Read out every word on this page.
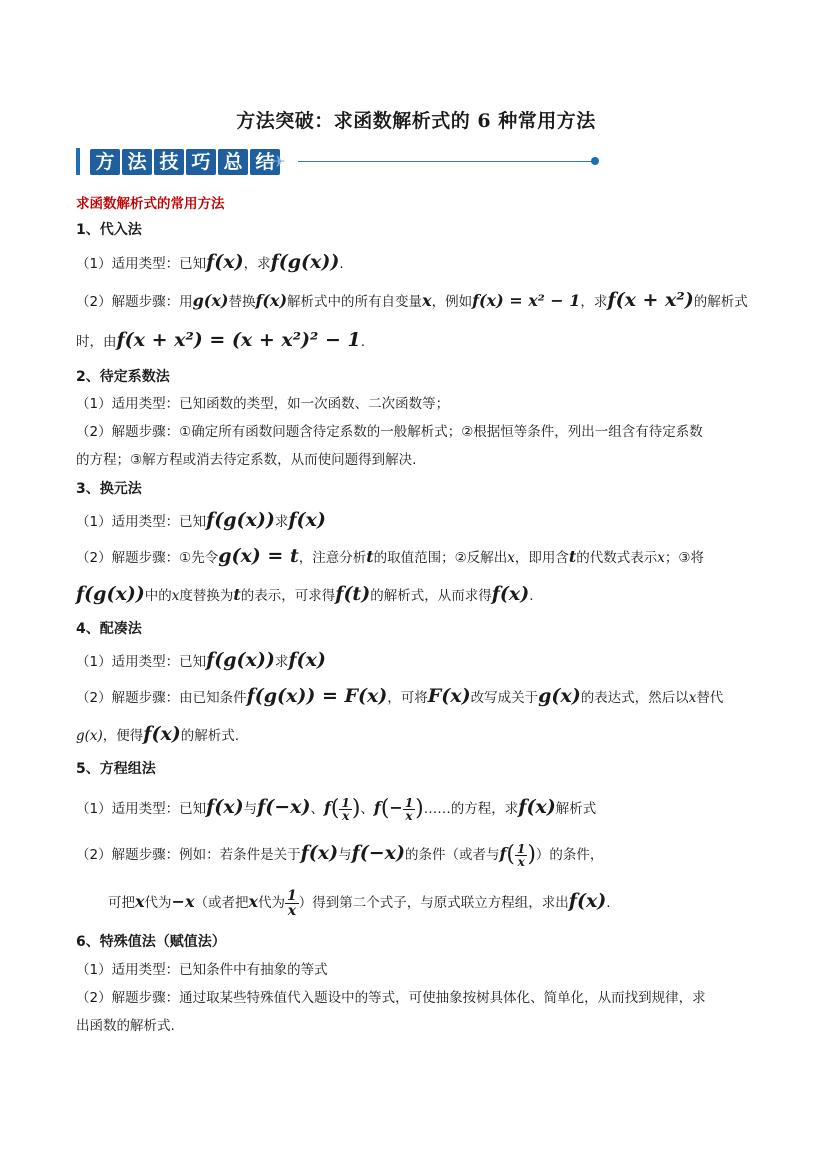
方法突破：求函数解析式的 6 种常用方法
方 法 技 巧 总 结
✈
求函数解析式的常用方法
1、代入法
（1）适用类型：已知f(x)，求f(g(x)).
（2）解题步骤：用g(x)替换f(x)解析式中的所有自变量x，例如f(x) = x² − 1，求f(x + x²)的解析式
时，由f(x + x²) = (x + x²)² − 1.
2、待定系数法
（1）适用类型：已知函数的类型，如一次函数、二次函数等；
（2）解题步骤：①确定所有函数问题含待定系数的一般解析式；②根据恒等条件，列出一组含有待定系数
的方程；③解方程或消去待定系数，从而使问题得到解决.
3、换元法
（1）适用类型：已知f(g(x))求f(x)
（2）解题步骤：①先令g(x) = t，注意分析t的取值范围；②反解出x，即用含t的代数式表示x；③将
f(g(x))中的x度替换为t的表示，可求得f(t)的解析式，从而求得f(x).
4、配凑法
（1）适用类型：已知f(g(x))求f(x)
（2）解题步骤：由已知条件f(g(x)) = F(x)，可将F(x)改写成关于g(x)的表达式，然后以x替代
g(x)，便得f(x)的解析式.
5、方程组法
（1）适用类型：已知f(x)与f(−x)、$f( \frac{1}{x}$ )、$f(- \frac{1}{x}$ )……的方程，求f(x)解析式
（2）解题步骤：例如：若条件是关于f(x)与f(−x)的条件（或者与$f( \frac{1}{x}$ )）的条件，
可把x代为−x（或者把x代为 $\frac{1}{x}$ ）得到第二个式子，与原式联立方程组，求出f(x).
6、特殊值法（赋值法）
（1）适用类型：已知条件中有抽象的等式
（2）解题步骤：通过取某些特殊值代入题设中的等式，可使抽象按树具体化、简单化，从而找到规律，求
出函数的解析式.
